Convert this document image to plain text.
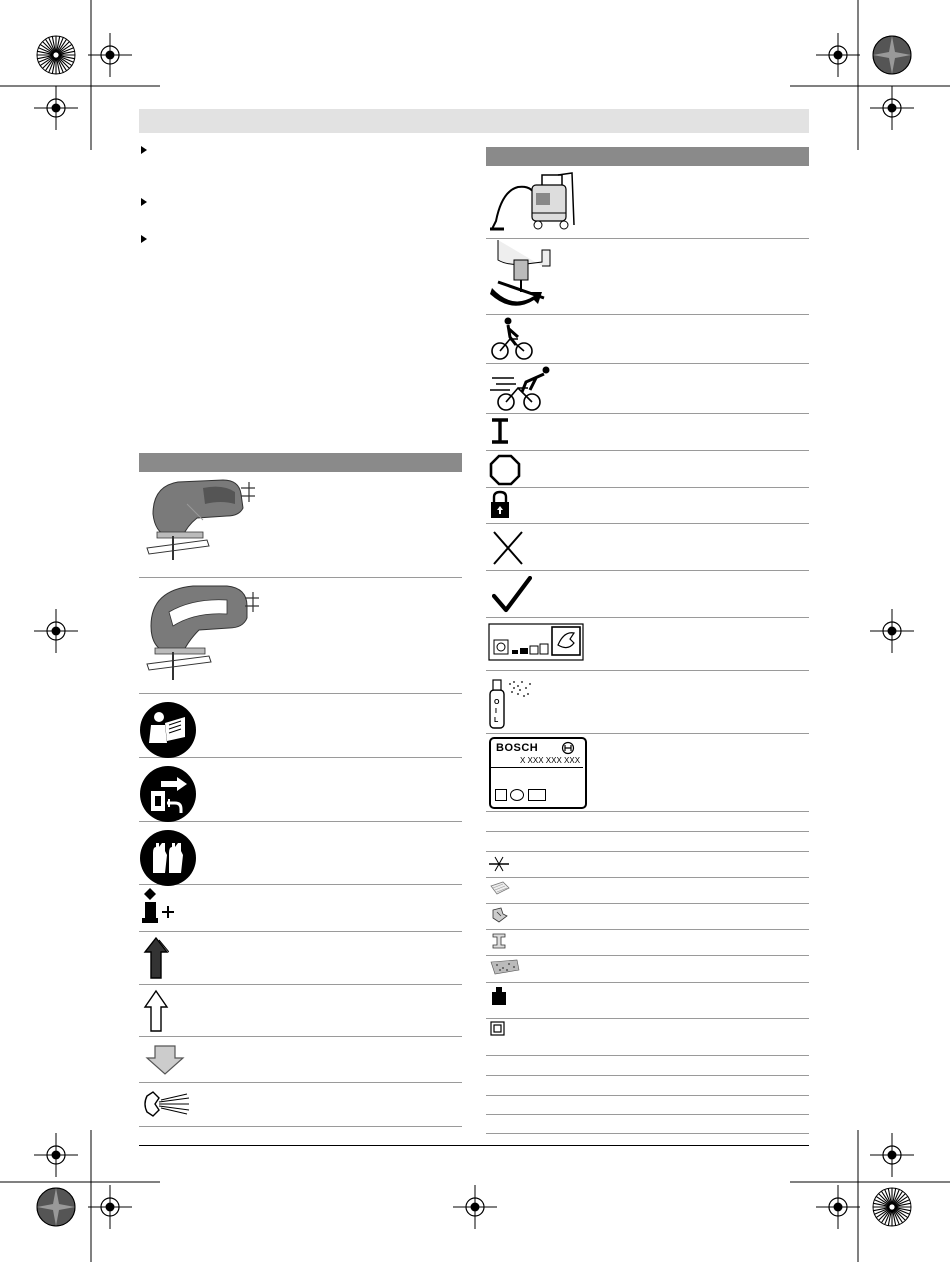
O
I
L
BOSCH
X XXX XXX XXX
